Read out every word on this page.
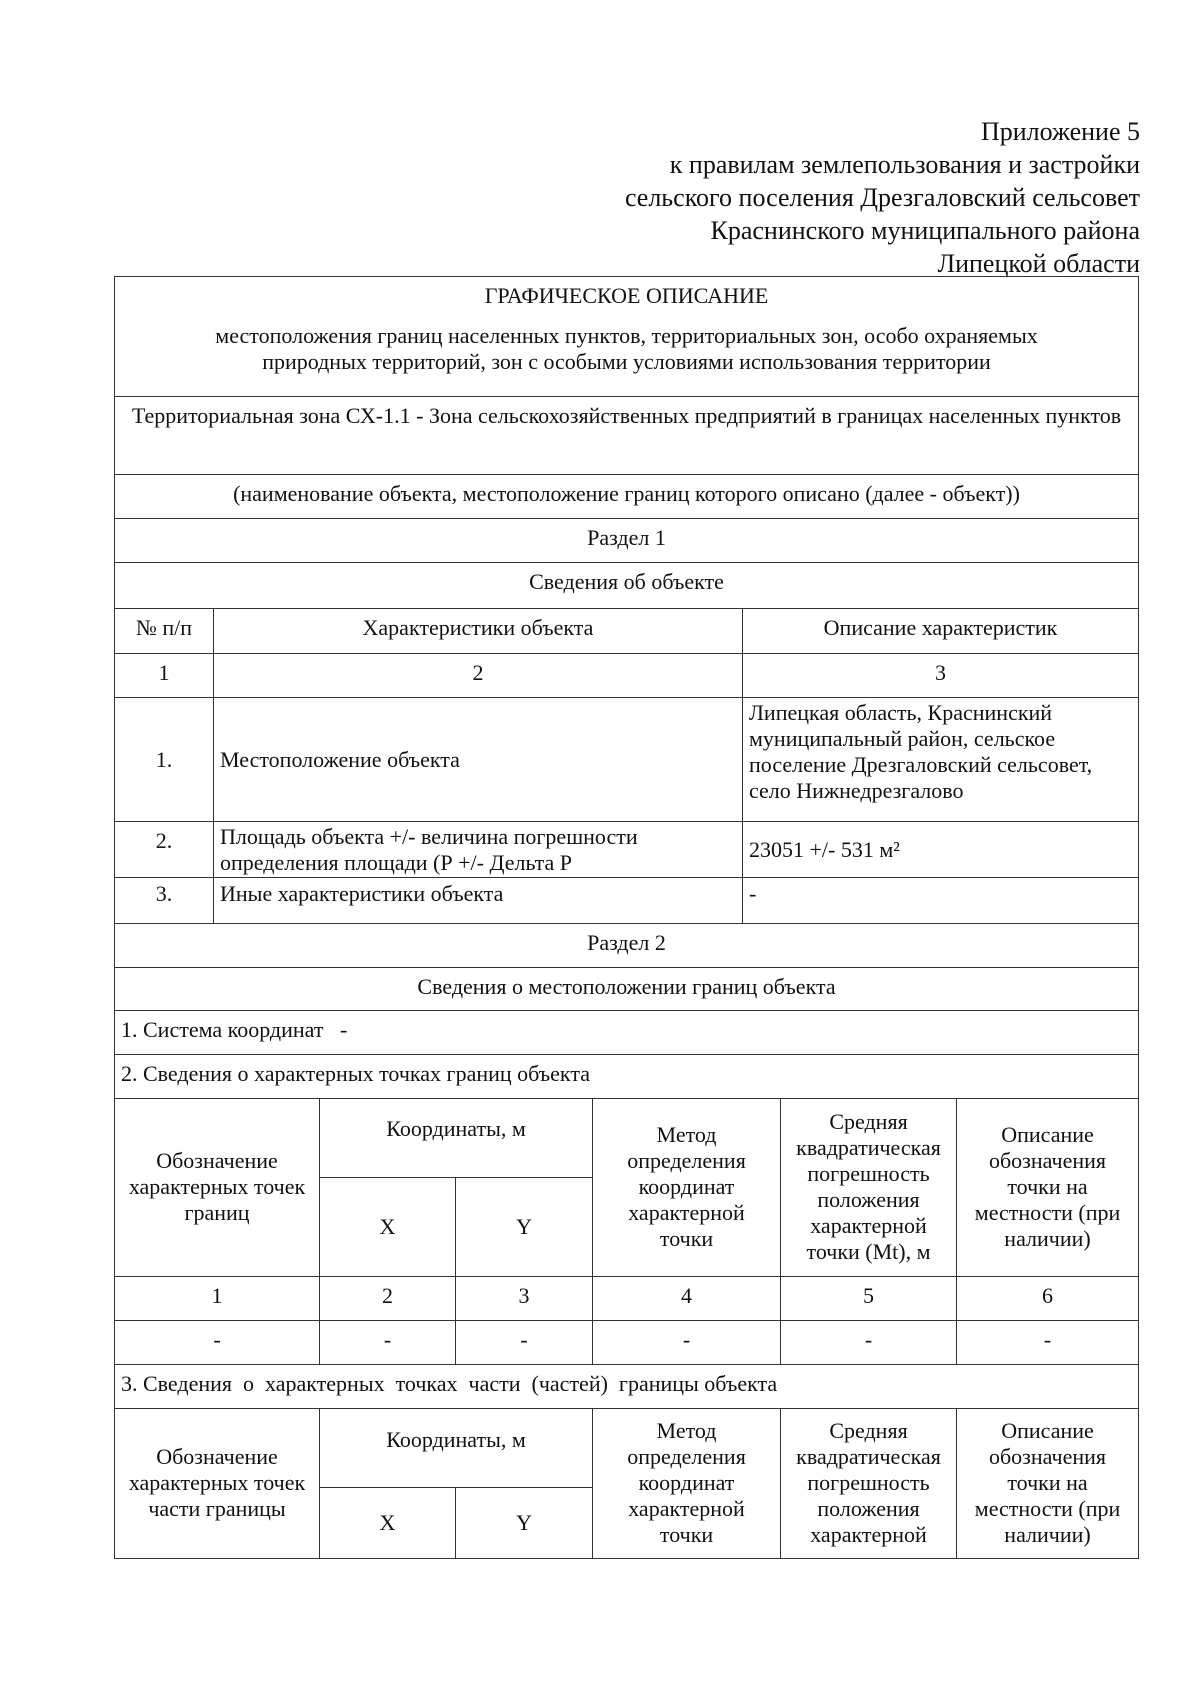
Приложение 5
к правилам землепользования и застройки
сельского поселения Дрезгаловский сельсовет
Краснинского муниципального района
Липецкой области
ГРАФИЧЕСКОЕ ОПИСАНИЕ
местоположения границ населенных пунктов, территориальных зон, особо охраняемых природных территорий, зон с особыми условиями использования территории		

Территориальная зона СХ-1.1 - Зона сельскохозяйственных предприятий в границах населенных пунктов		
(наименование объекта, местоположение границ которого описано (далее - объект))		
Раздел 1		
Сведения об объекте		
№ п/п	Характеристики объекта	Описание характеристик
1	2	3
1.	Местоположение объекта	Липецкая область, Краснинский муниципальный район, сельское поселение Дрезгаловский сельсовет, село Нижнедрезгалово
2.	Площадь объекта +/- величина погрешности определения площади (Р +/- Дельта Р	23051 +/- 531 м²
3.	Иные характеристики объекта	-
Раздел 2		
Сведения о местоположении границ объекта		
1. Система координат   -		
2. Сведения о характерных точках границ объекта		
Обозначение характерных точек границ	Координаты, м		Метод определения координат характерной точки	Средняя квадратическая погрешность положения характерной точки (Mt), м	Описание обозначения точки на местности (при наличии)
	X	Y			
1	2	3	4	5	6
-	-	-	-	-	-
3. Сведения  о  характерных  точках  части  (частей)  границы объекта					
Обозначение характерных точек части границы	Координаты, м		Метод определения координат характерной точки	Средняя квадратическая погрешность положения характерной	Описание обозначения точки на местности (при наличии)
	X	Y			
